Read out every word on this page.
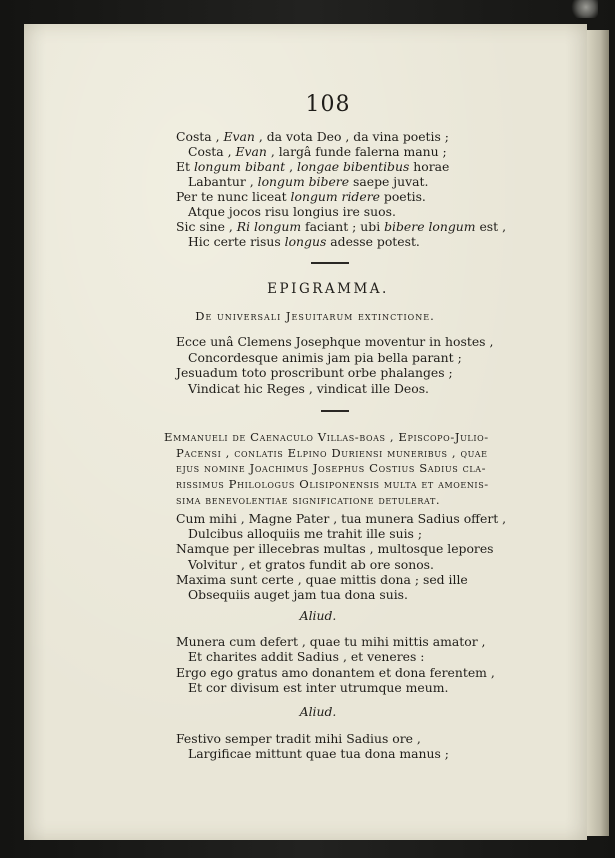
108
Costa , Evan , da vota Deo , da vina poetis ;
Costa , Evan , largâ funde falerna manu ;
Et longum bibant , longae bibentibus horae
Labantur , longum bibere saepe juvat.
Per te nunc liceat longum ridere poetis.
Atque jocos risu longius ire suos.
Sic sine , Ri longum faciant ; ubi bibere longum est ,
Hic certe risus longus adesse potest.
EPIGRAMMA.
De universali Jesuitarum extinctione.
Ecce unâ Clemens Josephque moventur in hostes ,
Concordesque animis jam pia bella parant ;
Jesuadum toto proscribunt orbe phalanges ;
Vindicat hic Reges , vindicat ille Deos.
Emmanueli de Caenaculo Villas-boas , Episcopo-Julio-
Pacensi , conlatis Elpino Duriensi muneribus , quae
ejus nomine Joachimus Josephus Costius Sadius cla-
rissimus Philologus Olisiponensis multa et amoenis-
sima benevolentiae significatione detulerat.
Cum mihi , Magne Pater , tua munera Sadius offert ,
Dulcibus alloquiis me trahit ille suis ;
Namque per illecebras multas , multosque lepores
Volvitur , et gratos fundit ab ore sonos.
Maxima sunt certe , quae mittis dona ; sed ille
Obsequiis auget jam tua dona suis.
Aliud.
Munera cum defert , quae tu mihi mittis amator ,
Et charites addit Sadius , et veneres :
Ergo ego gratus amo donantem et dona ferentem ,
Et cor divisum est inter utrumque meum.
Aliud.
Festivo semper tradit mihi Sadius ore ,
Largificae mittunt quae tua dona manus ;
